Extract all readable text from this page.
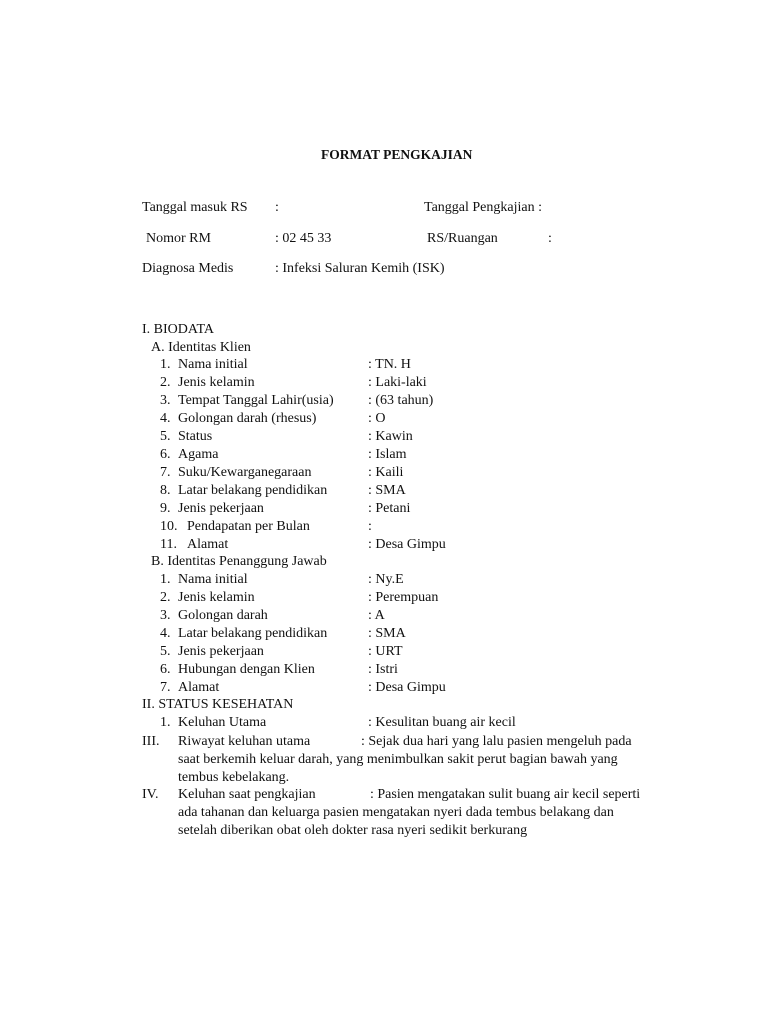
FORMAT PENGKAJIAN
Tanggal masuk RS :	Tanggal Pengkajian :
Nomor RM	: 02 45 33	RS/Ruangan	:
Diagnosa Medis	: Infeksi Saluran Kemih (ISK)
I. BIODATA
A. Identitas Klien
1. Nama initial	: TN. H
2. Jenis kelamin	: Laki-laki
3. Tempat Tanggal Lahir(usia) : (63 tahun)
4. Golongan darah (rhesus)	: O
5. Status	: Kawin
6. Agama	: Islam
7. Suku/Kewarganegaraan	: Kaili
8. Latar belakang pendidikan	: SMA
9. Jenis pekerjaan	: Petani
10. Pendapatan per Bulan	:
11. Alamat	: Desa Gimpu
B. Identitas Penanggung Jawab
1. Nama initial	: Ny.E
2. Jenis kelamin	: Perempuan
3. Golongan darah	: A
4. Latar belakang pendidikan	: SMA
5. Jenis pekerjaan	: URT
6. Hubungan dengan Klien	: Istri
7. Alamat	: Desa Gimpu
II. STATUS KESEHATAN
1. Keluhan Utama	: Kesulitan buang air kecil
III. Riwayat keluhan utama	: Sejak dua hari yang lalu pasien mengeluh pada
saat berkemih keluar darah, yang menimbulkan sakit perut bagian bawah yang
tembus kebelakang.
IV. Keluhan saat pengkajian	: Pasien mengatakan sulit buang air kecil seperti
ada tahanan dan keluarga pasien mengatakan nyeri dada tembus belakang dan
setelah diberikan obat oleh dokter rasa nyeri sedikit berkurang
